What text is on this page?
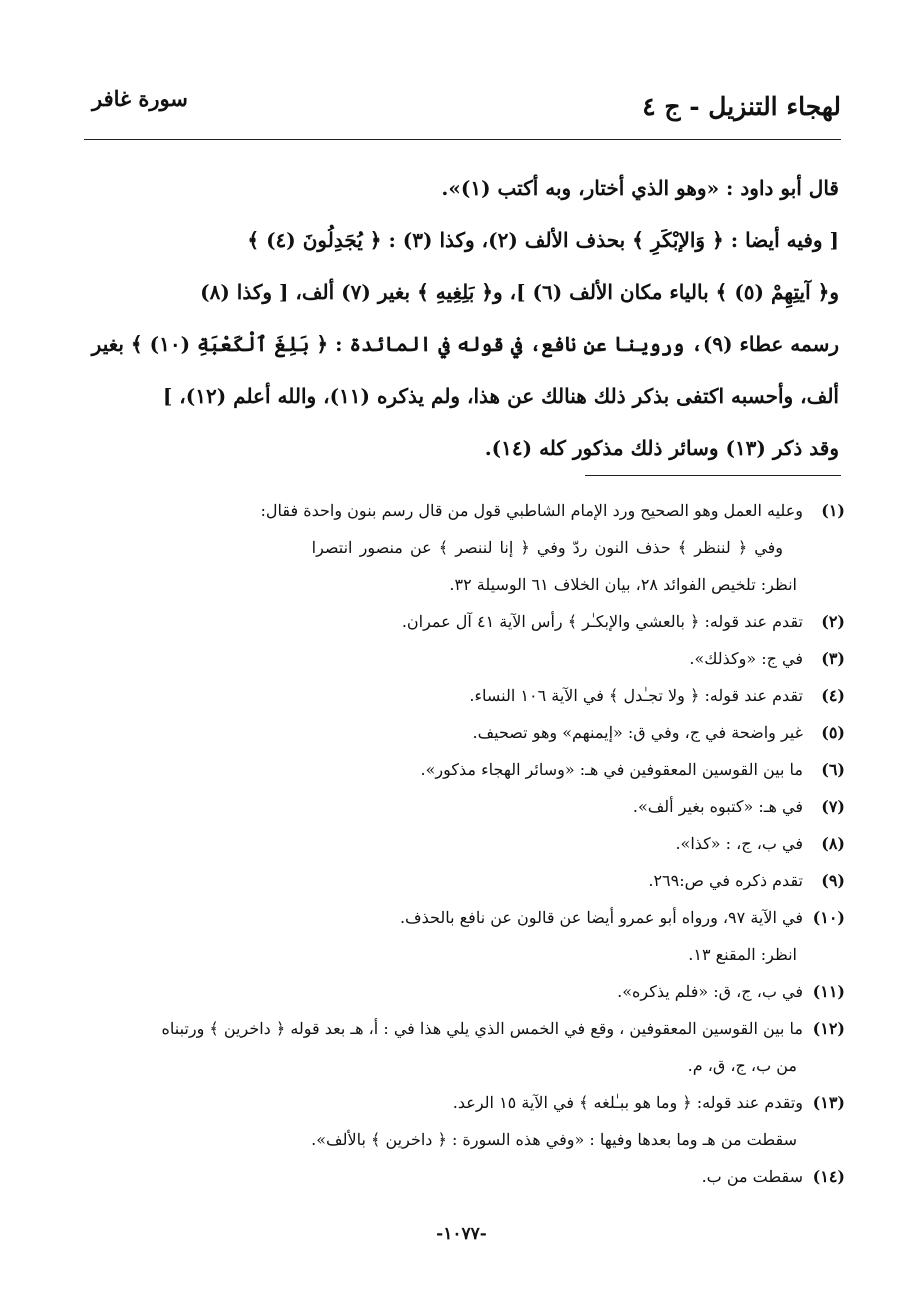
لهجاء التنزيل - ج ٤
سورة غافر
قال أبو داود : «وهو الذي أختار، وبه أكتب (١)».
[ وفيه أيضا : ﴿ وَالإبْكَرِ ﴾ بحذف الألف (٢)، وكذا (٣) : ﴿ يُجَدِلُونَ (٤) ﴾
و﴿ آيتِهِمْ (٥) ﴾ بالياء مكان الألف (٦) ]، و﴿ بَلِغِيهِ ﴾ بغير (٧) ألف، [ وكذا (٨)
رسمه عطاء (٩)، وروينا عن نافع، في قوله في المائدة : ﴿ بَلِغَ ٱلْكَعْبَةِ (١٠) ﴾ بغير
ألف، وأحسبه اكتفى بذكر ذلك هنالك عن هذا، ولم يذكره (١١)، والله أعلم (١٢)، ]
وقد ذكر (١٣) وسائر ذلك مذكور كله (١٤).
(١)وعليه العمل وهو الصحيح ورد الإمام الشاطبي قول من قال رسم بنون واحدة فقال:
وفي ﴿ لننظر ﴾ حذف النون ردّ وفي ﴿ إنا لننصر ﴾ عن منصور انتصرا
انظر: تلخيص الفوائد ٢٨، بيان الخلاف ٦١ الوسيلة ٣٢.
(٢)تقدم عند قوله: ﴿ بالعشي والإبكـٰر ﴾ رأس الآية ٤١ آل عمران.
(٣)في ج: «وكذلك».
(٤)تقدم عند قوله: ﴿ ولا تجـٰدل ﴾ في الآية ١٠٦ النساء.
(٥)غير واضحة في ج، وفي ق: «إيمنهم» وهو تصحيف.
(٦)ما بين القوسين المعقوفين في هـ: «وسائر الهجاء مذكور».
(٧)في هـ: «كتبوه بغير ألف».
(٨)في ب، ج، : «كذا».
(٩)تقدم ذكره في ص:٢٦٩.
(١٠)في الآية ٩٧، ورواه أبو عمرو أيضا عن قالون عن نافع بالحذف.
انظر: المقنع ١٣.
(١١)في ب، ج، ق: «فلم يذكره».
(١٢)ما بين القوسين المعقوفين ، وقع في الخمس الذي يلي هذا في : أ، هـ بعد قوله ﴿ داخرين ﴾ ورتبناه
من ب، ج، ق، م.
(١٣)وتقدم عند قوله: ﴿ وما هو ببـٰلغه ﴾ في الآية ١٥ الرعد.
سقطت من هـ وما بعدها وفيها : «وفي هذه السورة : ﴿ داخرين ﴾ بالألف».
(١٤)سقطت من ب.
-١٠٧٧-
